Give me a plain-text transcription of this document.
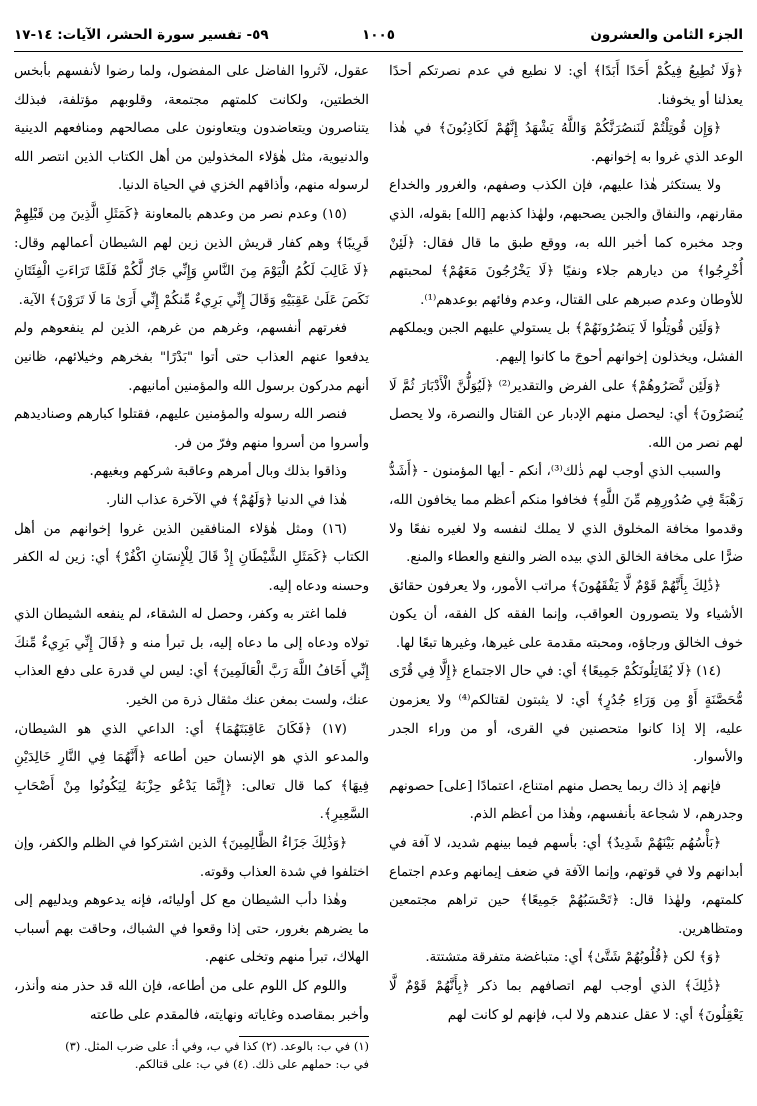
الجزء الثامن والعشرون
١٠٠٥
٥٩- تفسير سورة الحشر، الآيات: ١٤-١٧

﴿وَلَا نُطِيعُ فِيكُمْ أَحَدًا أَبَدًا﴾ أي: لا نطيع في عدم نصرتكم أحدًا يعذلنا أو يخوفنا.

﴿وَإِن قُوتِلْتُمْ لَنَنصُرَنَّكُمْ وَاللَّهُ يَشْهَدُ إِنَّهُمْ لَكَاذِبُونَ﴾ في هٰذا الوعد الذي غروا به إخوانهم.

ولا يستكثر هٰذا عليهم، فإن الكذب وصفهم، والغرور والخداع مقارنهم، والنفاق والجبن يصحبهم، ولهٰذا كذبهم [الله] بقوله، الذي وجد مخبره كما أخبر الله به، ووقع طبق ما قال فقال: ﴿لَئِنْ أُخْرِجُوا﴾ من ديارهم جلاء ونفيًا ﴿لَا يَخْرُجُونَ مَعَهُمْ﴾ لمحبتهم للأوطان وعدم صبرهم على القتال، وعدم وفائهم بوعدهم⁽¹⁾.

﴿وَلَئِن قُوتِلُوا لَا يَنصُرُونَهُمْ﴾ بل يستولي عليهم الجبن ويملكهم الفشل، ويخذلون إخوانهم أحوجَ ما كانوا إليهم.

﴿وَلَئِن نَّصَرُوهُمْ﴾ على الفرض والتقدير⁽²⁾ ﴿لَيُوَلُّنَّ الْأَدْبَارَ ثُمَّ لَا يُنصَرُونَ﴾ أي: ليحصل منهم الإدبار عن القتال والنصرة، ولا يحصل لهم نصر من الله.

والسبب الذي أوجب لهم ذٰلك⁽³⁾، أنكم - أيها المؤمنون - ﴿أَشَدُّ رَهْبَةً فِي صُدُورِهِم مِّنَ اللَّهِ﴾ فخافوا منكم أعظم مما يخافون الله، وقدموا مخافة المخلوق الذي لا يملك لنفسه ولا لغيره نفعًا ولا ضرًّا على مخافة الخالق الذي بيده الضر والنفع والعطاء والمنع.

﴿ذَٰلِكَ بِأَنَّهُمْ قَوْمٌ لَّا يَفْقَهُونَ﴾ مراتب الأمور، ولا يعرفون حقائق الأشياء ولا يتصورون العواقب، وإنما الفقه كل الفقه، أن يكون خوف الخالق ورجاؤه، ومحبته مقدمة على غيرها، وغيرها تبعًا لها.

(١٤) ﴿لَا يُقَاتِلُونَكُمْ جَمِيعًا﴾ أي: في حال الاجتماع ﴿إِلَّا فِي قُرًى مُّحَصَّنَةٍ أَوْ مِن وَرَاءِ جُدُرٍ﴾ أي: لا يثبتون لقتالكم⁽⁴⁾ ولا يعزمون عليه، إلا إذا كانوا متحصنين في القرى، أو من وراء الجدر والأسوار.

فإنهم إذ ذاك ربما يحصل منهم امتناع، اعتمادًا [على] حصونهم وجدرهم، لا شجاعة بأنفسهم، وهٰذا من أعظم الذم.

﴿بَأْسُهُم بَيْنَهُمْ شَدِيدٌ﴾ أي: بأسهم فيما بينهم شديد، لا آفة في أبدانهم ولا في قوتهم، وإنما الآفة في ضعف إيمانهم وعدم اجتماع كلمتهم، ولهٰذا قال: ﴿تَحْسَبُهُمْ جَمِيعًا﴾ حين تراهم مجتمعين ومتظاهرين.

﴿وَ﴾ لكن ﴿قُلُوبُهُمْ شَتَّىٰ﴾ أي: متباغضة متفرقة متشتتة.

﴿ذَٰلِكَ﴾ الذي أوجب لهم اتصافهم بما ذكر ﴿بِأَنَّهُمْ قَوْمٌ لَّا يَعْقِلُونَ﴾ أي: لا عقل عندهم ولا لب، فإنهم لو كانت لهم

عقول، لآثروا الفاضل على المفضول، ولما رضوا لأنفسهم بأبخس الخطتين، ولكانت كلمتهم مجتمعة، وقلوبهم مؤتلفة، فبذلك يتناصرون ويتعاضدون ويتعاونون على مصالحهم ومنافعهم الدينية والدنيوية، مثل هٰؤلاء المخذولين من أهل الكتاب الذين انتصر الله لرسوله منهم، وأذاقهم الخزي في الحياة الدنيا.

(١٥) وعدم نصر من وعدهم بالمعاونة ﴿كَمَثَلِ الَّذِينَ مِن قَبْلِهِمْ قَرِيبًا﴾ وهم كفار قريش الذين زين لهم الشيطان أعمالهم وقال: ﴿لَا غَالِبَ لَكُمُ الْيَوْمَ مِنَ النَّاسِ وَإِنِّي جَارٌ لَّكُمْ فَلَمَّا تَرَاءَتِ الْفِئَتَانِ نَكَصَ عَلَىٰ عَقِبَيْهِ وَقَالَ إِنِّي بَرِيءٌ مِّنكُمْ إِنِّي أَرَىٰ مَا لَا تَرَوْنَ﴾ الآية.

فغرتهم أنفسهم، وغرهم من غرهم، الذين لم ينفعوهم ولم يدفعوا عنهم العذاب حتى أتوا "بَدْرًا" بفخرهم وخيلائهم، ظانين أنهم مدركون برسول الله والمؤمنين أمانيهم.

فنصر الله رسوله والمؤمنين عليهم، فقتلوا كبارهم وصناديدهم وأسروا من أسروا منهم وفرّ من فر.

وذاقوا بذلك وبال أمرهم وعاقبة شركهم وبغيهم.

هٰذا في الدنيا ﴿وَلَهُمْ﴾ في الآخرة عذاب النار.

(١٦) ومثل هٰؤلاء المنافقين الذين غروا إخوانهم من أهل الكتاب ﴿كَمَثَلِ الشَّيْطَانِ إِذْ قَالَ لِلْإِنسَانِ اكْفُرْ﴾ أي: زين له الكفر وحسنه ودعاه إليه.

فلما اغتر به وكفر، وحصل له الشقاء، لم ينفعه الشيطان الذي تولاه ودعاه إلى ما دعاه إليه، بل تبرأ منه و ﴿قَالَ إِنِّي بَرِيءٌ مِّنكَ إِنِّي أَخَافُ اللَّهَ رَبَّ الْعَالَمِينَ﴾ أي: ليس لي قدرة على دفع العذاب عنك، ولست بمغن عنك مثقال ذرة من الخير.

(١٧) ﴿فَكَانَ عَاقِبَتَهُمَا﴾ أي: الداعي الذي هو الشيطان، والمدعو الذي هو الإنسان حين أطاعه ﴿أَنَّهُمَا فِي النَّارِ خَالِدَيْنِ فِيهَا﴾ كما قال تعالى: ﴿إِنَّمَا يَدْعُو حِزْبَهُ لِيَكُونُوا مِنْ أَصْحَابِ السَّعِيرِ﴾.

﴿وَذَٰلِكَ جَزَاءُ الظَّالِمِينَ﴾ الذين اشتركوا في الظلم والكفر، وإن اختلفوا في شدة العذاب وقوته.

وهٰذا دأب الشيطان مع كل أوليائه، فإنه يدعوهم ويدليهم إلى ما يضرهم بغرور، حتى إذا وقعوا في الشباك، وحاقت بهم أسباب الهلاك، تبرأ منهم وتخلى عنهم.

واللوم كل اللوم على من أطاعه، فإن الله قد حذر منه وأنذر، وأخبر بمقاصده وغاياته ونهايته، فالمقدم على طاعته

(١) في ب: بالوعد. (٢) كذا في ب، وفي أ: على ضرب المثل. (٣)
في ب: حملهم على ذلك. (٤) في ب: على قتالكم.
